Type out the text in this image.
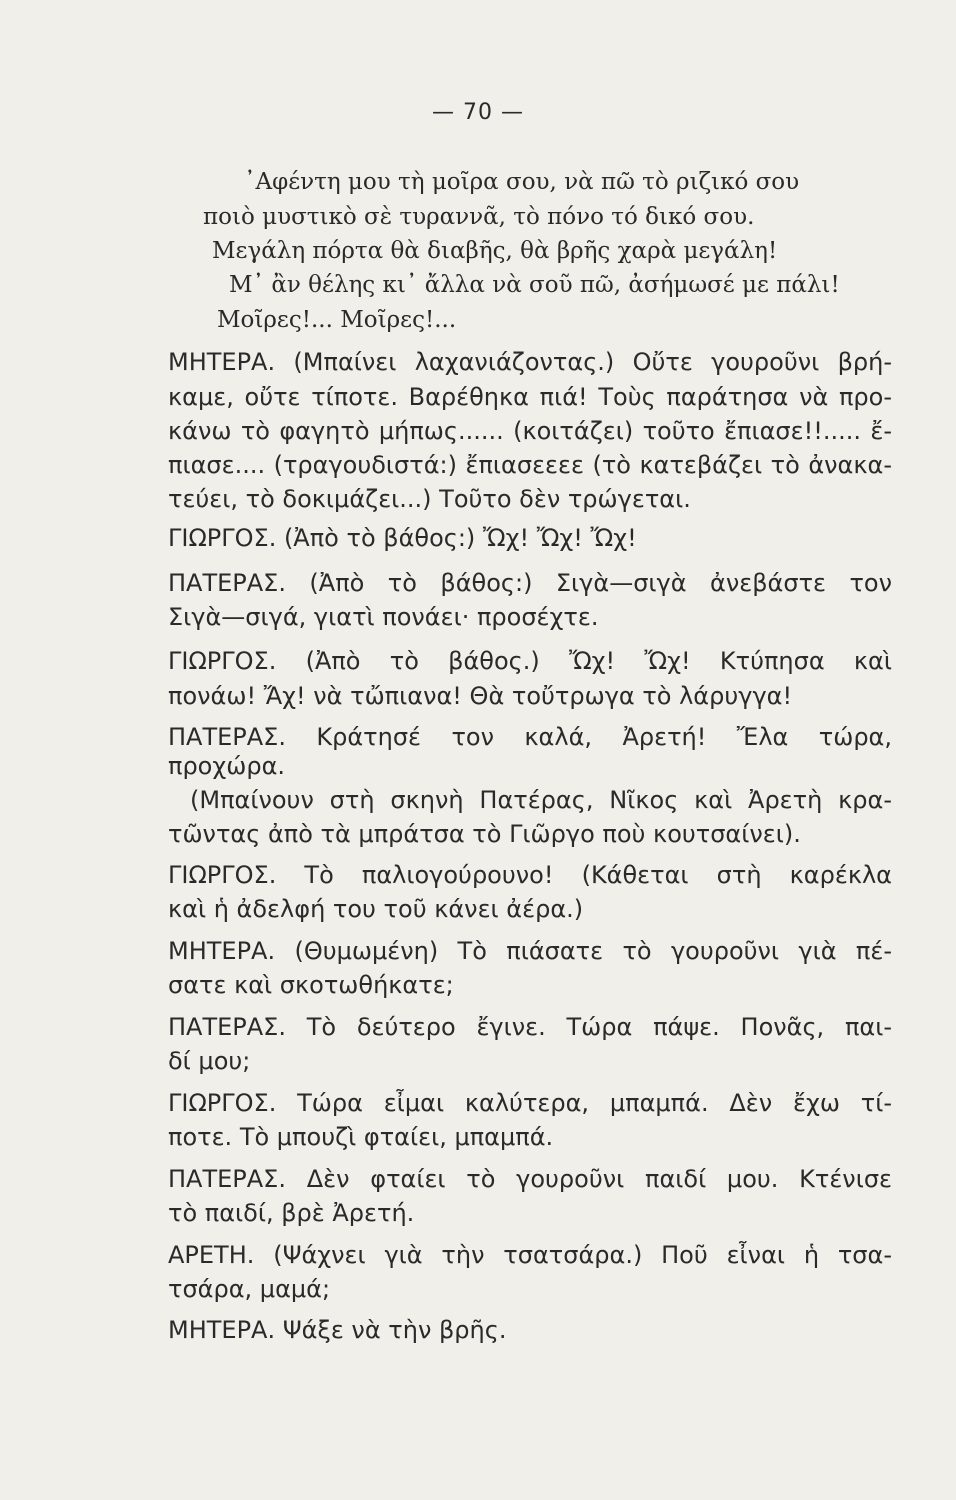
— 70 —
᾿Αφέντη μου τὴ μοῖρα σου, νὰ πῶ τὸ ριζικό σου
ποιὸ μυστικὸ σὲ τυραννᾶ, τὸ πόνο τό δικό σου.
Μεγάλη πόρτα θὰ διαβῆς, θὰ βρῆς χαρὰ μεγάλη!
Μ᾿ ἂν θέλης κι᾿ ἄλλα νὰ σοῦ πῶ, ἀσήμωσέ με πάλι!
Μοῖρες!... Μοῖρες!...
ΜΗΤΕΡΑ. (Μπαίνει λαχανιάζοντας.) Οὔτε γουροῦνι βρή-
καμε, οὔτε τίποτε. Βαρέθηκα πιά! Τοὺς παράτησα νὰ προ-
κάνω τὸ φαγητὸ μήπως...... (κοιτάζει) τοῦτο ἔπιασε!!..... ἔ-
πιασε.... (τραγουδιστά:) ἔπιασεεεε (τὸ κατεβάζει τὸ ἀνακα-
τεύει, τὸ δοκιμάζει...) Τοῦτο δὲν τρώγεται.
ΓΙΩΡΓΟΣ. (Ἀπὸ τὸ βάθος:) Ὤχ! Ὤχ! Ὤχ!
ΠΑΤΕΡΑΣ. (Ἀπὸ τὸ βάθος:) Σιγὰ—σιγὰ ἀνεβάστε τον
Σιγὰ—σιγά, γιατὶ πονάει· προσέχτε.
ΓΙΩΡΓΟΣ. (Ἀπὸ τὸ βάθος.) Ὤχ! Ὤχ! Κτύπησα καὶ
πονάω! Ἄχ! νὰ τὤπιανα! Θὰ τοὔτρωγα τὸ λάρυγγα!
ΠΑΤΕΡΑΣ. Κράτησέ τον καλά, Ἀρετή! Ἔλα τώρα,
προχώρα.
(Μπαίνουν στὴ σκηνὴ Πατέρας, Νῖκος καὶ Ἀρετὴ κρα-
τῶντας ἀπὸ τὰ μπράτσα τὸ Γιῶργο ποὺ κουτσαίνει).
ΓΙΩΡΓΟΣ. Τὸ παλιογούρουνο! (Κάθεται στὴ καρέκλα
καὶ ἡ ἀδελφή του τοῦ κάνει ἀέρα.)
ΜΗΤΕΡΑ. (Θυμωμένη) Τὸ πιάσατε τὸ γουροῦνι γιὰ πέ-
σατε καὶ σκοτωθήκατε;
ΠΑΤΕΡΑΣ. Τὸ δεύτερο ἔγινε. Τώρα πάψε. Πονᾶς, παι-
δί μου;
ΓΙΩΡΓΟΣ. Τώρα εἶμαι καλύτερα, μπαμπά. Δὲν ἔχω τί-
ποτε. Τὸ μπουζὶ φταίει, μπαμπά.
ΠΑΤΕΡΑΣ. Δὲν φταίει τὸ γουροῦνι παιδί μου. Κτένισε
τὸ παιδί, βρὲ Ἀρετή.
ΑΡΕΤΗ. (Ψάχνει γιὰ τὴν τσατσάρα.) Ποῦ εἶναι ἡ τσα-
τσάρα, μαμά;
ΜΗΤΕΡΑ. Ψάξε νὰ τὴν βρῆς.
